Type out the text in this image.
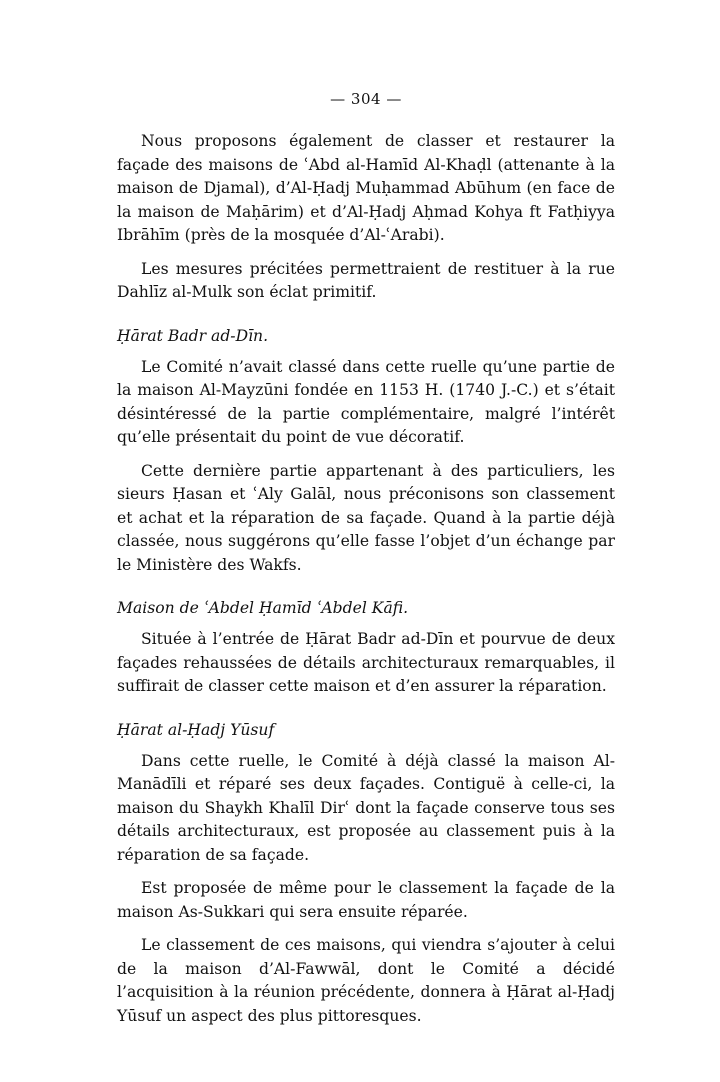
— 304 —

Nous proposons également de classer et restaurer la façade des maisons de ʿAbd al-Hamīd Al-Khaḍl (attenante à la maison de Djamal), d’Al-Ḥadj Muḥammad Abūhum (en face de la maison de Maḥārim) et d’Al-Ḥadj Aḥmad Kohya ft Fatḥiyya Ibrāhīm (près de la mosquée d’Al-ʿArabi).

Les mesures précitées permettraient de restituer à la rue Dahlīz al-Mulk son éclat primitif.

Ḥārat Badr ad-Dīn.

Le Comité n’avait classé dans cette ruelle qu’une partie de la maison Al-Mayzūni fondée en 1153 H. (1740 J.-C.) et s’était désintéressé de la partie complémentaire, malgré l’intérêt qu’elle présentait du point de vue décoratif.

Cette dernière partie appartenant à des particuliers, les sieurs Ḥasan et ʿAly Galāl, nous préconisons son classement et achat et la réparation de sa façade. Quand à la partie déjà classée, nous suggérons qu’elle fasse l’objet d’un échange par le Ministère des Wakfs.

Maison de ʿAbdel Ḥamīd ʿAbdel Kāfi.

Située à l’entrée de Ḥārat Badr ad-Dīn et pourvue de deux façades rehaussées de détails architecturaux remarquables, il suffirait de classer cette maison et d’en assurer la réparation.

Ḥārat al-Ḥadj Yūsuf

Dans cette ruelle, le Comité à déjà classé la maison Al-Manādīli et réparé ses deux façades. Contiguë à celle-ci, la maison du Shaykh Khalīl Dirʿ dont la façade conserve tous ses détails architecturaux, est proposée au classement puis à la réparation de sa façade.

Est proposée de même pour le classement la façade de la maison As-Sukkari qui sera ensuite réparée.

Le classement de ces maisons, qui viendra s’ajouter à celui de la maison d’Al-Fawwāl, dont le Comité a décidé l’acquisition à la réunion précédente, donnera à Ḥārat al-Ḥadj Yūsuf un aspect des plus pittoresques.
